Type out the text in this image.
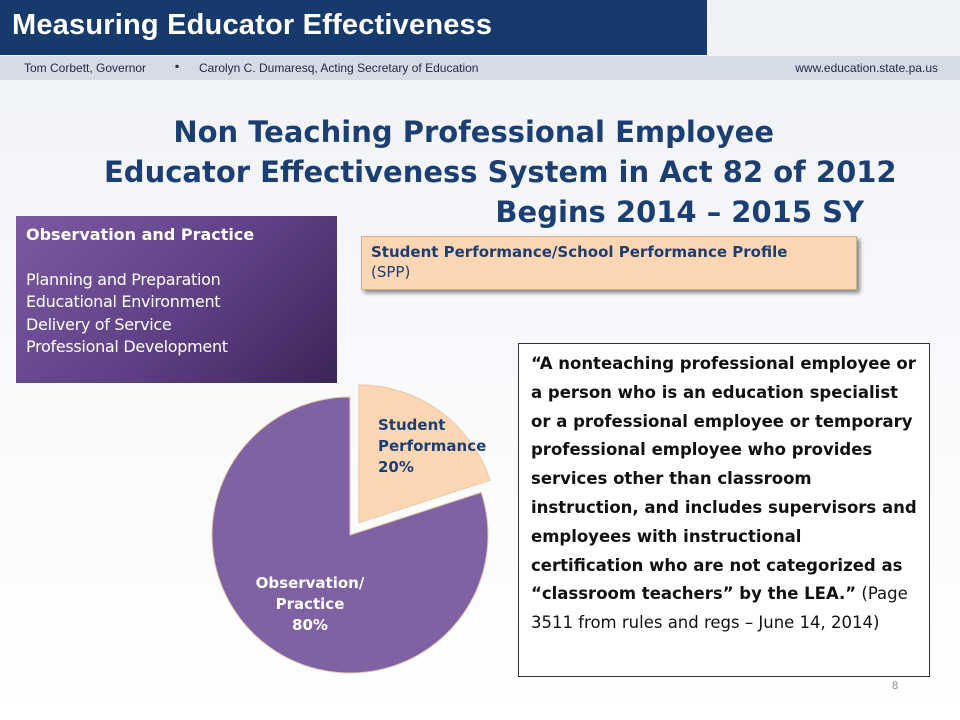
Measuring Educator Effectiveness
Tom Corbett, Governor ▪ Carolyn C. Dumaresq, Acting Secretary of Education	www.education.state.pa.us
Non Teaching Professional Employee
Educator Effectiveness System in Act 82 of 2012
Begins 2014 – 2015 SY
Observation and Practice
Planning and Preparation
Educational Environment
Delivery of Service
Professional Development
Student Performance/School Performance Profile
(SPP)
Student Performance 20%
Observation/ Practice 80%
“A nonteaching professional employee or a person who is an education specialist or a professional employee or temporary professional employee who provides services other than classroom instruction, and includes supervisors and employees with instructional certification who are not categorized as “classroom teachers” by the LEA.” (Page 3511 from rules and regs – June 14, 2014)
8
